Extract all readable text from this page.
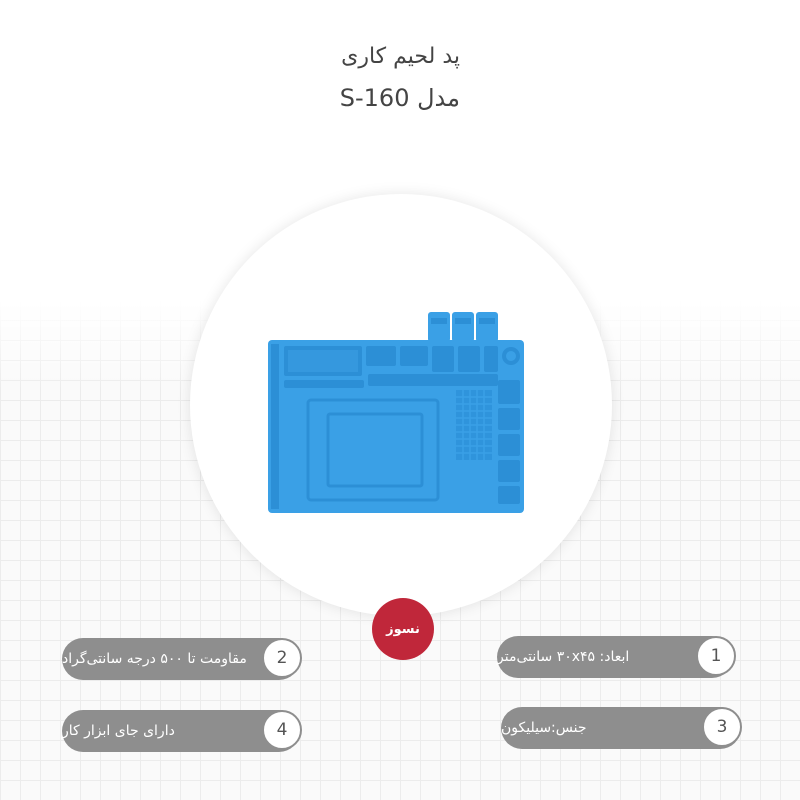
پد لحیم کاری
مدل S-160
نسوز
ابعاد: ۳۰x۴۵ سانتی‌متر	1
مقاومت تا ۵۰۰ درجه سانتی‌گراد 2
جنس:سیلیکون	3
دارای جای ابزار کار	4
